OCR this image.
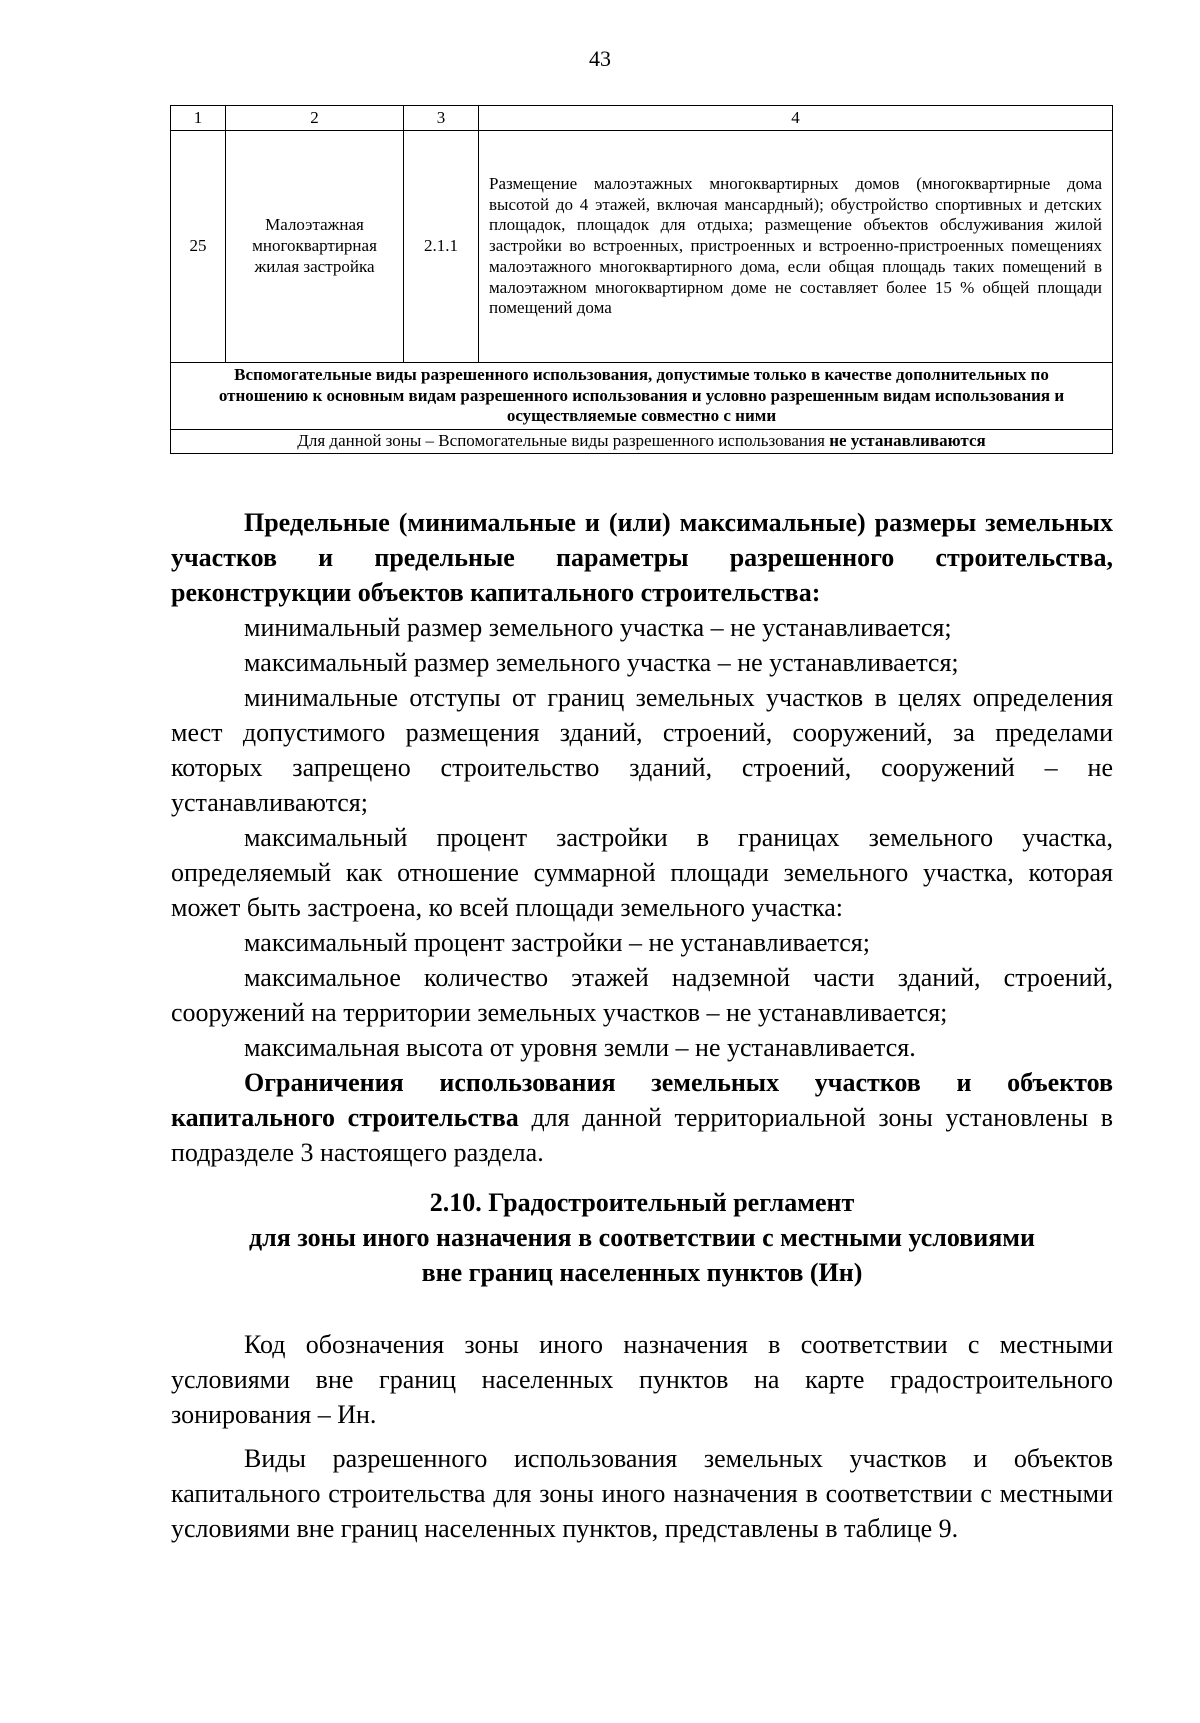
43
1	2	3	4
25	Малоэтажная многоквартирная жилая застройка	2.1.1	Размещение малоэтажных многоквартирных домов (многоквартирные дома высотой до 4 этажей, включая мансардный); обустройство спортивных и детских площадок, площадок для отдыха; размещение объектов обслуживания жилой застройки во встроенных, пристроенных и встроенно-пристроенных помещениях малоэтажного многоквартирного дома, если общая площадь таких помещений в малоэтажном многоквартирном доме не составляет более 15 % общей площади помещений дома

Вспомогательные виды разрешенного использования, допустимые только в качестве дополнительных по отношению к основным видам разрешенного использования и условно разрешенным видам использования и осуществляемые совместно с ними			
Для данной зоны – Вспомогательные виды разрешенного использования не устанавливаются			

Предельные (минимальные и (или) максимальные) размеры земельных участков и предельные параметры разрешенного строительства, реконструкции объектов капитального строительства:

минимальный размер земельного участка – не устанавливается;

максимальный размер земельного участка – не устанавливается;

минимальные отступы от границ земельных участков в целях определения мест допустимого размещения зданий, строений, сооружений, за пределами которых запрещено строительство зданий, строений, сооружений – не устанавливаются;

максимальный процент застройки в границах земельного участка, определяемый как отношение суммарной площади земельного участка, которая может быть застроена, ко всей площади земельного участка:

максимальный процент застройки – не устанавливается;

максимальное количество этажей надземной части зданий, строений, сооружений на территории земельных участков – не устанавливается;

максимальная высота от уровня земли – не устанавливается.

Ограничения использования земельных участков и объектов капитального строительства для данной территориальной зоны установлены в подразделе 3 настоящего раздела.

2.10. Градостроительный регламент
для зоны иного назначения в соответствии с местными условиями
вне границ населенных пунктов (Ин)

Код обозначения зоны иного назначения в соответствии с местными условиями вне границ населенных пунктов на карте градостроительного зонирования – Ин.

Виды разрешенного использования земельных участков и объектов капитального строительства для зоны иного назначения в соответствии с местными условиями вне границ населенных пунктов, представлены в таблице 9.
